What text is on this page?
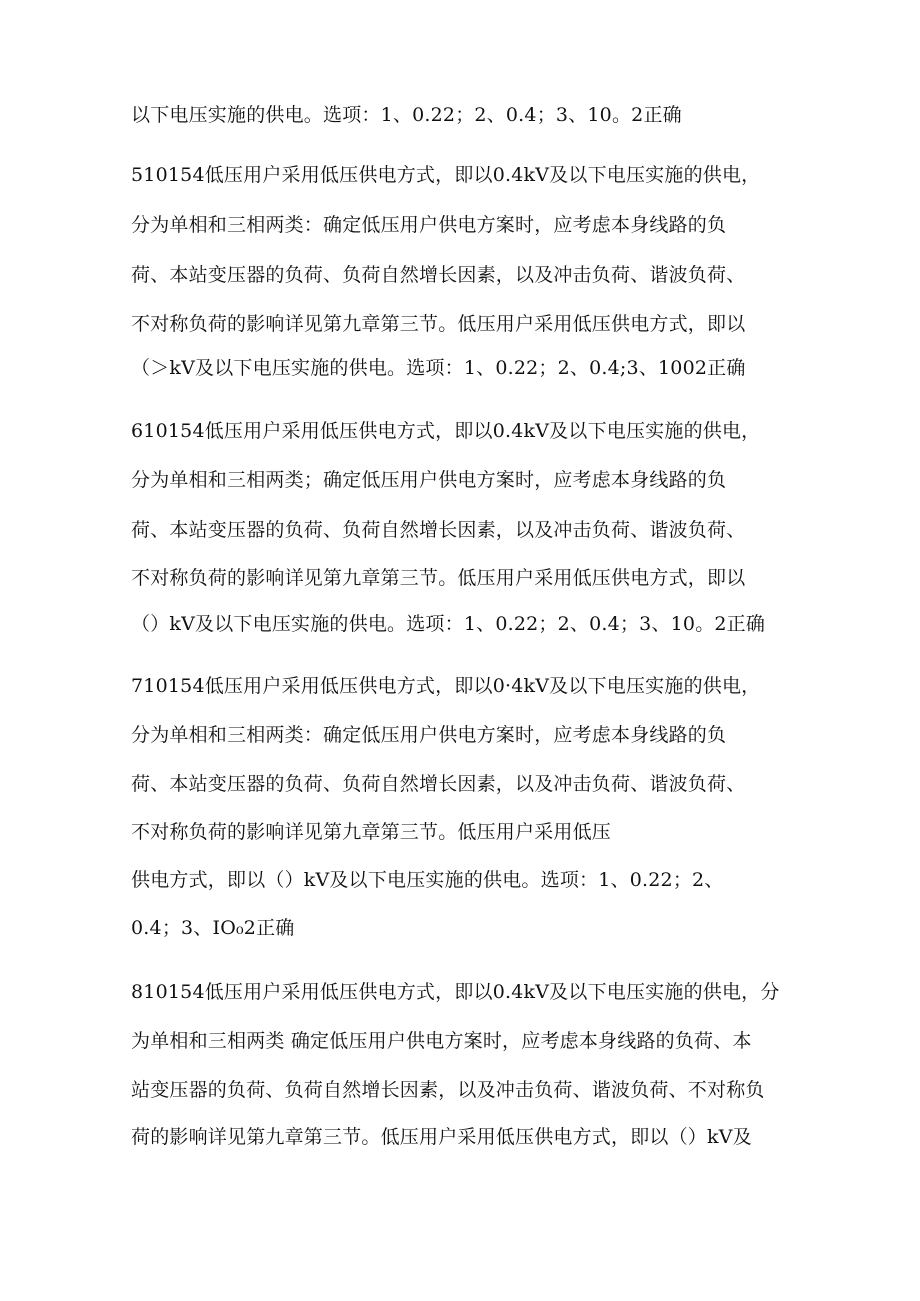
以下电压实施的供电。选项：1、0.22；2、0.4；3、10。2正确
510154低压用户采用低压供电方式，即以0.4kV及以下电压实施的供电，
分为单相和三相两类：确定低压用户供电方案时，应考虑本身线路的负
荷、本站变压器的负荷、负荷自然增长因素，以及冲击负荷、谐波负荷、
不对称负荷的影响详见第九章第三节。低压用户采用低压供电方式，即以
（＞kV及以下电压实施的供电。选项：1、0.22；2、0.4;3、1002正确
610154低压用户采用低压供电方式，即以0.4kV及以下电压实施的供电，
分为单相和三相两类；确定低压用户供电方案时，应考虑本身线路的负
荷、本站变压器的负荷、负荷自然增长因素，以及冲击负荷、谐波负荷、
不对称负荷的影响详见第九章第三节。低压用户采用低压供电方式，即以
（）kV及以下电压实施的供电。选项：1、0.22；2、0.4；3、10。2正确
710154低压用户采用低压供电方式，即以0·4kV及以下电压实施的供电，
分为单相和三相两类：确定低压用户供电方案时，应考虑本身线路的负
荷、本站变压器的负荷、负荷自然增长因素，以及冲击负荷、谐波负荷、
不对称负荷的影响详见第九章第三节。低压用户采用低压
供电方式，即以（）kV及以下电压实施的供电。选项：1、0.22；2、
0.4；3、IO₀2正确
810154低压用户采用低压供电方式，即以0.4kV及以下电压实施的供电，分
为单相和三相两类 确定低压用户供电方案时，应考虑本身线路的负荷、本
站变压器的负荷、负荷自然增长因素，以及冲击负荷、谐波负荷、不对称负
荷的影响详见第九章第三节。低压用户采用低压供电方式，即以（）kV及
